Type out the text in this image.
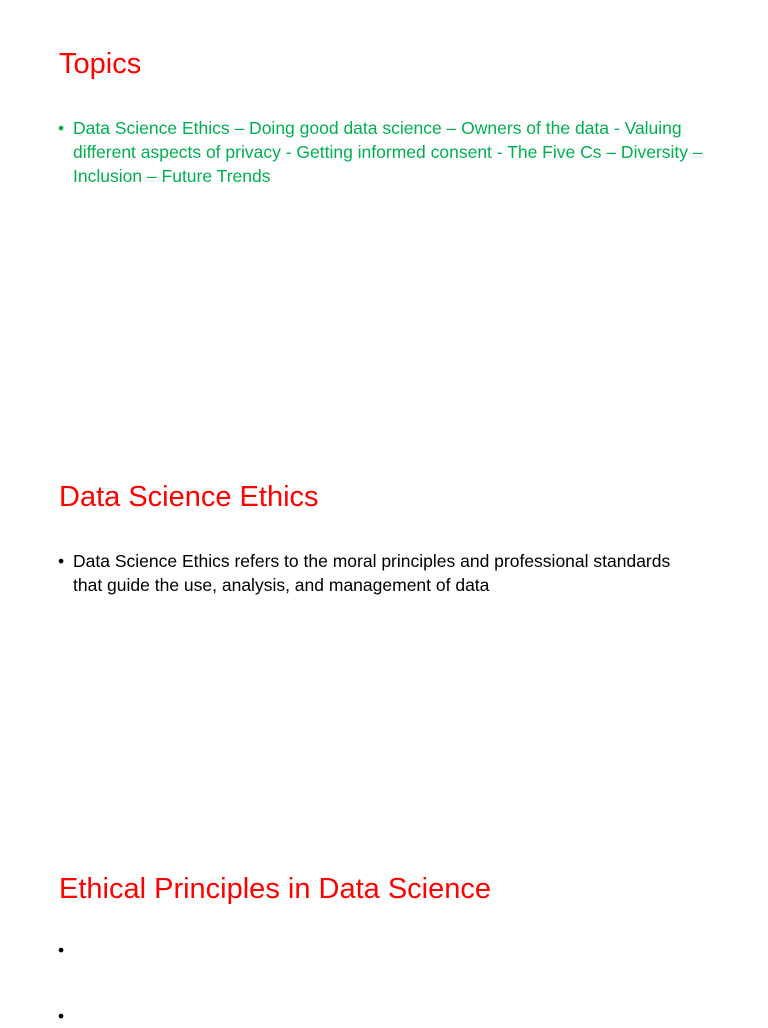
Topics
• Data Science Ethics – Doing good data science – Owners of the data - Valuing different aspects of privacy - Getting informed consent - The Five Cs – Diversity – Inclusion – Future Trends
Data Science Ethics
• Data Science Ethics refers to the moral principles and professional standards that guide the use, analysis, and management of data
Ethical Principles in Data Science
•
•
